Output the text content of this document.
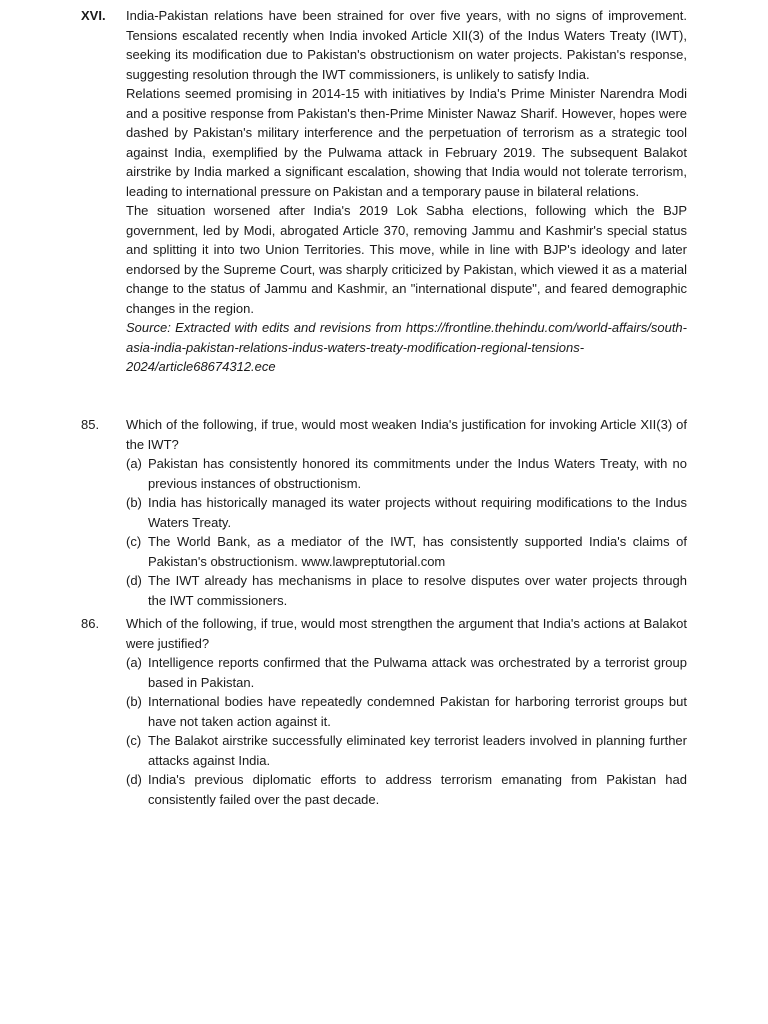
XVI.	India-Pakistan relations have been strained for over five years, with no signs of improvement. Tensions escalated recently when India invoked Article XII(3) of the Indus Waters Treaty (IWT), seeking its modification due to Pakistan's obstructionism on water projects. Pakistan's response, suggesting resolution through the IWT commissioners, is unlikely to satisfy India.

Relations seemed promising in 2014-15 with initiatives by India's Prime Minister Narendra Modi and a positive response from Pakistan's then-Prime Minister Nawaz Sharif. However, hopes were dashed by Pakistan's military interference and the perpetuation of terrorism as a strategic tool against India, exemplified by the Pulwama attack in February 2019. The subsequent Balakot airstrike by India marked a significant escalation, showing that India would not tolerate terrorism, leading to international pressure on Pakistan and a temporary pause in bilateral relations.

The situation worsened after India's 2019 Lok Sabha elections, following which the BJP government, led by Modi, abrogated Article 370, removing Jammu and Kashmir's special status and splitting it into two Union Territories. This move, while in line with BJP's ideology and later endorsed by the Supreme Court, was sharply criticized by Pakistan, which viewed it as a material change to the status of Jammu and Kashmir, an "international dispute", and feared demographic changes in the region.

Source: Extracted with edits and revisions from https://frontline.thehindu.com/world-affairs/south-asia-india-pakistan-relations-indus-waters-treaty-modification-regional-tensions-2024/article68674312.ece

85.	Which of the following, if true, would most weaken India's justification for invoking Article XII(3) of the IWT?
(a) Pakistan has consistently honored its commitments under the Indus Waters Treaty, with no previous instances of obstructionism.
(b) India has historically managed its water projects without requiring modifications to the Indus Waters Treaty.
(c) The World Bank, as a mediator of the IWT, has consistently supported India's claims of Pakistan's obstructionism. www.lawpreptutorial.com
(d) The IWT already has mechanisms in place to resolve disputes over water projects through the IWT commissioners.
86.	Which of the following, if true, would most strengthen the argument that India's actions at Balakot were justified?
(a) Intelligence reports confirmed that the Pulwama attack was orchestrated by a terrorist group based in Pakistan.
(b) International bodies have repeatedly condemned Pakistan for harboring terrorist groups but have not taken action against it.
(c) The Balakot airstrike successfully eliminated key terrorist leaders involved in planning further attacks against India.
(d) India's previous diplomatic efforts to address terrorism emanating from Pakistan had consistently failed over the past decade.
